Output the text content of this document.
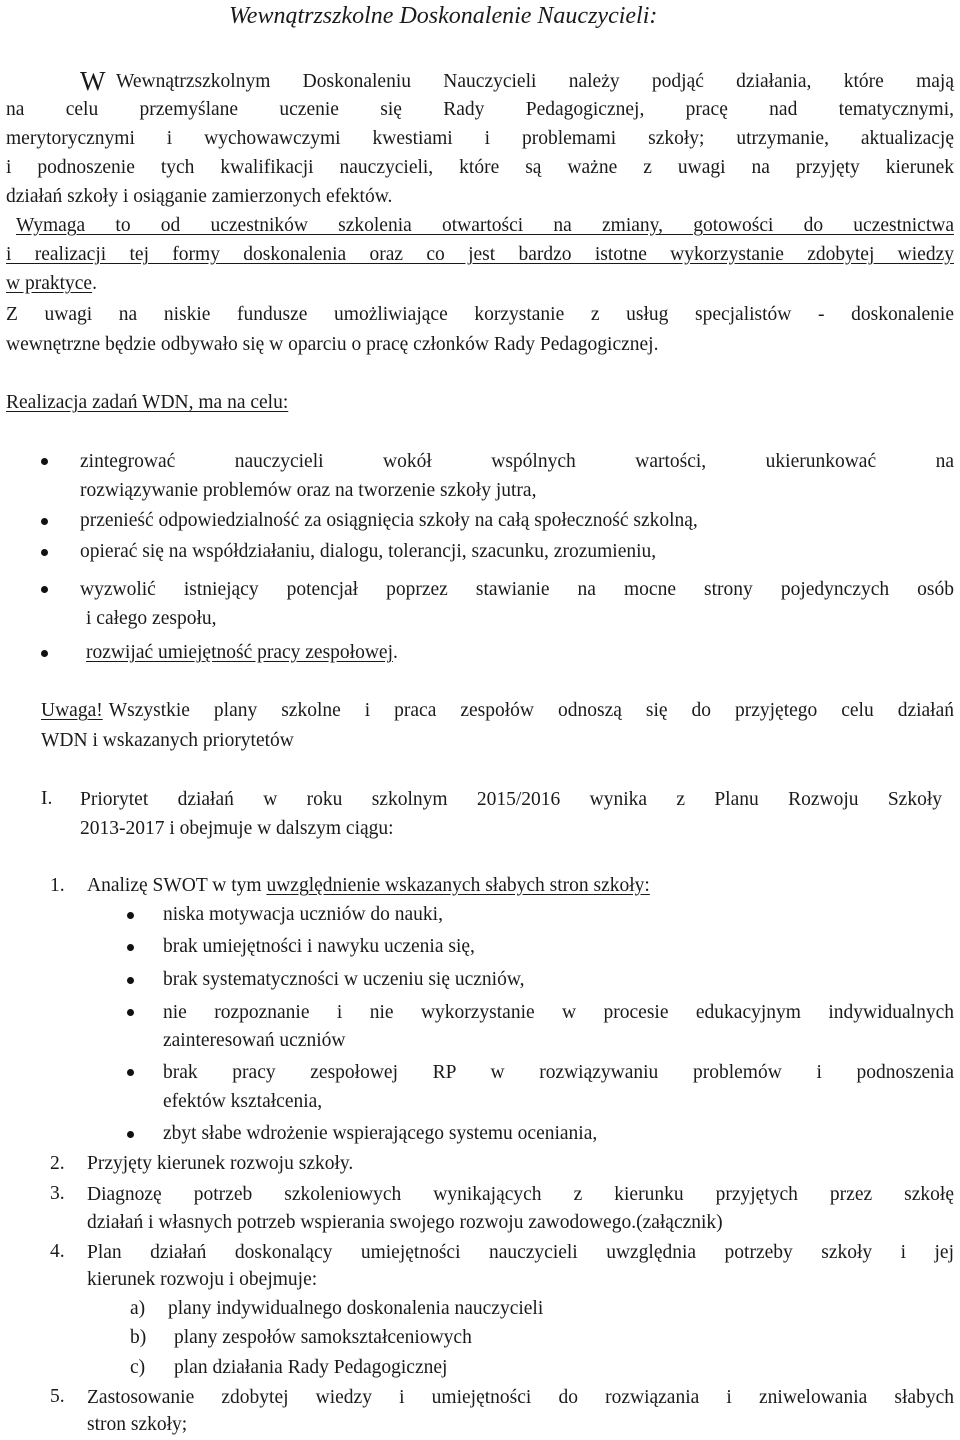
Wewnątrzszkolne Doskonalenie Nauczycieli:
W Wewnątrzszkolnym Doskonaleniu Nauczycieli należy podjąć działania, które mają
na celu przemyślane uczenie się Rady Pedagogicznej, pracę nad tematycznymi,
merytorycznymi i wychowawczymi kwestiami i problemami szkoły; utrzymanie, aktualizację
i podnoszenie tych kwalifikacji nauczycieli, które są ważne z uwagi na przyjęty kierunek
działań szkoły i osiąganie zamierzonych efektów.
Wymaga to od uczestników szkolenia otwartości na zmiany, gotowości do uczestnictwa
i realizacji tej formy doskonalenia oraz co jest bardzo istotne wykorzystanie zdobytej wiedzy
w praktyce.
Z uwagi na niskie fundusze umożliwiające korzystanie z usług specjalistów - doskonalenie
wewnętrzne będzie odbywało się w oparciu o pracę członków Rady Pedagogicznej.
Realizacja zadań WDN, ma na celu:
zintegrować nauczycieli wokół wspólnych wartości, ukierunkować na
rozwiązywanie problemów oraz na tworzenie szkoły jutra,
przenieść odpowiedzialność za osiągnięcia szkoły na całą społeczność szkolną,
opierać się na współdziałaniu, dialogu, tolerancji, szacunku, zrozumieniu,
wyzwolić istniejący potencjał poprzez stawianie na mocne strony pojedynczych osób
i całego zespołu,
rozwijać umiejętność pracy zespołowej.
Uwaga! Wszystkie plany szkolne i praca zespołów odnoszą się do przyjętego celu działań
WDN i wskazanych priorytetów
I. Priorytet działań w roku szkolnym 2015/2016 wynika z Planu Rozwoju Szkoły
2013-2017 i obejmuje w dalszym ciągu:
1. Analizę SWOT w tym uwzględnienie wskazanych słabych stron szkoły:
niska motywacja uczniów do nauki,
brak umiejętności i nawyku uczenia się,
brak systematyczności w uczeniu się uczniów,
nie rozpoznanie i nie wykorzystanie w procesie edukacyjnym indywidualnych
zainteresowań uczniów
brak pracy zespołowej RP w rozwiązywaniu problemów i podnoszenia
efektów kształcenia,
zbyt słabe wdrożenie wspierającego systemu oceniania,
2. Przyjęty kierunek rozwoju szkoły.
3. Diagnozę potrzeb szkoleniowych wynikających z kierunku przyjętych przez szkołę
działań i własnych potrzeb wspierania swojego rozwoju zawodowego.(załącznik)
4. Plan działań doskonalący umiejętności nauczycieli uwzględnia potrzeby szkoły i jej
kierunek rozwoju i obejmuje:
a) plany indywidualnego doskonalenia nauczycieli
b) plany zespołów samokształceniowych
c) plan działania Rady Pedagogicznej
5. Zastosowanie zdobytej wiedzy i umiejętności do rozwiązania i zniwelowania słabych
stron szkoły;
